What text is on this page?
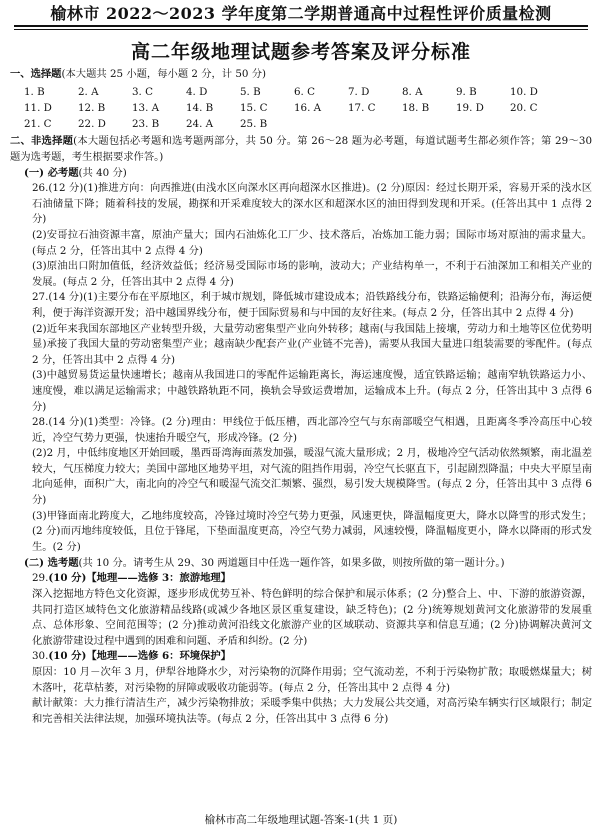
榆林市 2022～2023 学年度第二学期普通高中过程性评价质量检测
高二年级地理试题参考答案及评分标准
一、选择题(本大题共 25 小题，每小题 2 分，计 50 分)
1. B	2. A	3. C	4. D	5. B	6. C	7. D	8. A	9. B	10. D
11. D	12. B	13. A	14. B	15. C	16. A	17. C	18. B	19. D	20. C
21. C	22. D	23. B	24. A	25. B
二、非选择题(本大题包括必考题和选考题两部分，共 50 分。第 26～28 题为必考题，每道试题考生都必须作答；第 29～30 题为选考题，考生根据要求作答。)
(一) 必考题(共 40 分)
26.(12 分)(1)推进方向：向西推进(由浅水区向深水区再向超深水区推进)。(2 分)原因：经过长期开采，容易开采的浅水区石油储量下降；随着科技的发展，勘探和开采难度较大的深水区和超深水区的油田得到发现和开采。(任答出其中 1 点得 2 分)
(2)安哥拉石油资源丰富，原油产量大；国内石油炼化工厂少、技术落后，冶炼加工能力弱；国际市场对原油的需求量大。(每点 2 分，任答出其中 2 点得 4 分)
(3)原油出口附加值低，经济效益低；经济易受国际市场的影响，波动大；产业结构单一，不利于石油深加工和相关产业的发展。(每点 2 分，任答出其中 2 点得 4 分)
27.(14 分)(1)主要分布在平原地区，利于城市规划，降低城市建设成本；沿铁路线分布，铁路运输便利；沿海分布，海运便利，便于海洋资源开发；沿中越国界线分布，便于国际贸易和与中国的友好往来。(每点 2 分，任答出其中 2 点得 4 分)
(2)近年来我国东部地区产业转型升级，大量劳动密集型产业向外转移；越南(与我国陆上接壤，劳动力和土地等区位优势明显)承接了我国大量的劳动密集型产业；越南缺少配套产业(产业链不完善)，需要从我国大量进口组装需要的零配件。(每点 2 分，任答出其中 2 点得 4 分)
(3)中越贸易货运量快速增长；越南从我国进口的零配件运输距离长，海运速度慢，适宜铁路运输；越南窄轨铁路运力小、速度慢，难以满足运输需求；中越铁路轨距不同，换轨会导致运费增加，运输成本上升。(每点 2 分，任答出其中 3 点得 6 分)
28.(14 分)(1)类型：冷锋。(2 分)理由：甲线位于低压槽，西北部冷空气与东南部暖空气相遇，且距离冬季冷高压中心较近，冷空气势力更强，快速抬升暖空气，形成冷锋。(2 分)
(2)2 月，中低纬度地区开始回暖，墨西哥湾海面蒸发加强，暖湿气流大量形成；2 月，极地冷空气活动依然频繁，南北温差较大，气压梯度力较大；美国中部地区地势平坦，对气流的阻挡作用弱，冷空气长驱直下，引起剧烈降温；中央大平原呈南北向延伸，面积广大，南北向的冷空气和暖湿气流交汇频繁、强烈，易引发大规模降雪。(每点 2 分，任答出其中 3 点得 6 分)
(3)甲锋面南北跨度大，乙地纬度较高，冷锋过境时冷空气势力更强，风速更快，降温幅度更大，降水以降雪的形式发生；(2 分)而丙地纬度较低，且位于锋尾，下垫面温度更高，冷空气势力减弱，风速较慢，降温幅度更小，降水以降雨的形式发生。(2 分)
(二) 选考题(共 10 分。请考生从 29、30 两道题目中任选一题作答，如果多做，则按所做的第一题计分。)
29.(10 分)【地理——选修 3：旅游地理】
深入挖掘地方特色文化资源，逐步形成优势互补、特色鲜明的综合保护和展示体系；(2 分)整合上、中、下游的旅游资源，共同打造区域特色文化旅游精品线路(或减少各地区景区重复建设，缺乏特色)；(2 分)统筹规划黄河文化旅游带的发展重点、总体形象、空间范围等；(2 分)推动黄河沿线文化旅游产业的区域联动、资源共享和信息互通；(2 分)协调解决黄河文化旅游带建设过程中遇到的困难和问题、矛盾和纠纷。(2 分)
30.(10 分)【地理——选修 6：环境保护】
原因：10 月－次年 3 月，伊犁谷地降水少，对污染物的沉降作用弱；空气流动差，不利于污染物扩散；取暖燃煤量大；树木落叶，花草枯萎，对污染物的屏障或吸收功能弱等。(每点 2 分，任答出其中 2 点得 4 分)
献计献策：大力推行清洁生产，减少污染物排放；采暖季集中供热；大力发展公共交通，对高污染车辆实行区域限行；制定和完善相关法律法规，加强环境执法等。(每点 2 分，任答出其中 3 点得 6 分)
榆林市高二年级地理试题-答案-1(共 1 页)
